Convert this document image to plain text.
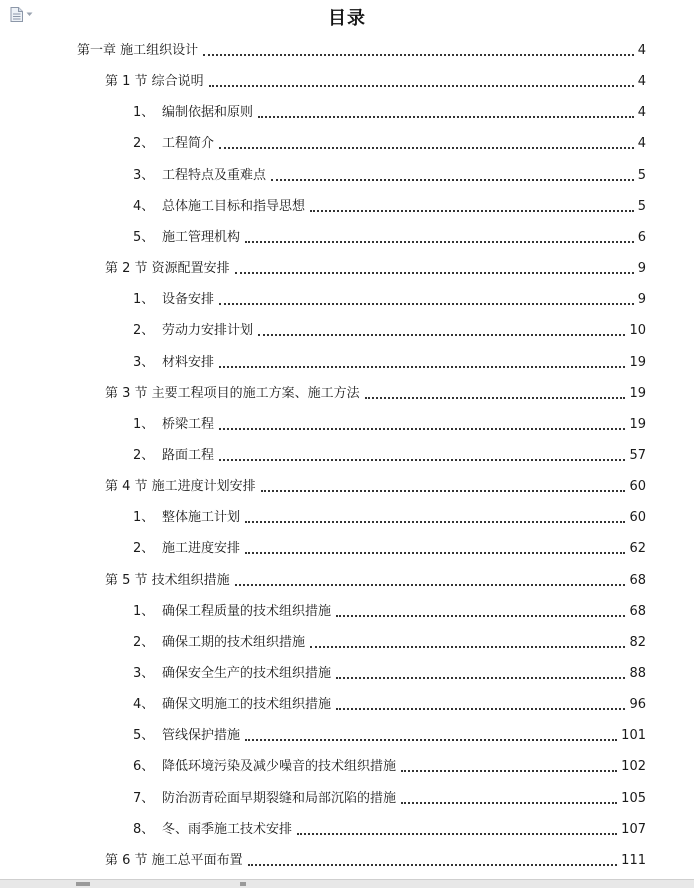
目录
第一章 施工组织设计	4
第 1 节 综合说明	4
1、 编制依据和原则	4
2、 工程简介	4
3、 工程特点及重难点	5
4、 总体施工目标和指导思想	5
5、 施工管理机构	6
第 2 节 资源配置安排	9
1、 设备安排	9
2、 劳动力安排计划	10
3、 材料安排	19
第 3 节 主要工程项目的施工方案、施工方法	19
1、 桥梁工程	19
2、 路面工程	57
第 4 节 施工进度计划安排	60
1、 整体施工计划	60
2、 施工进度安排	62
第 5 节 技术组织措施	68
1、 确保工程质量的技术组织措施	68
2、 确保工期的技术组织措施	82
3、 确保安全生产的技术组织措施	88
4、 确保文明施工的技术组织措施	96
5、 管线保护措施	101
6、 降低环境污染及减少噪音的技术组织措施	102
7、 防治沥青砼面早期裂缝和局部沉陷的措施	105
8、 冬、雨季施工技术安排	107
第 6 节 施工总平面布置	111
